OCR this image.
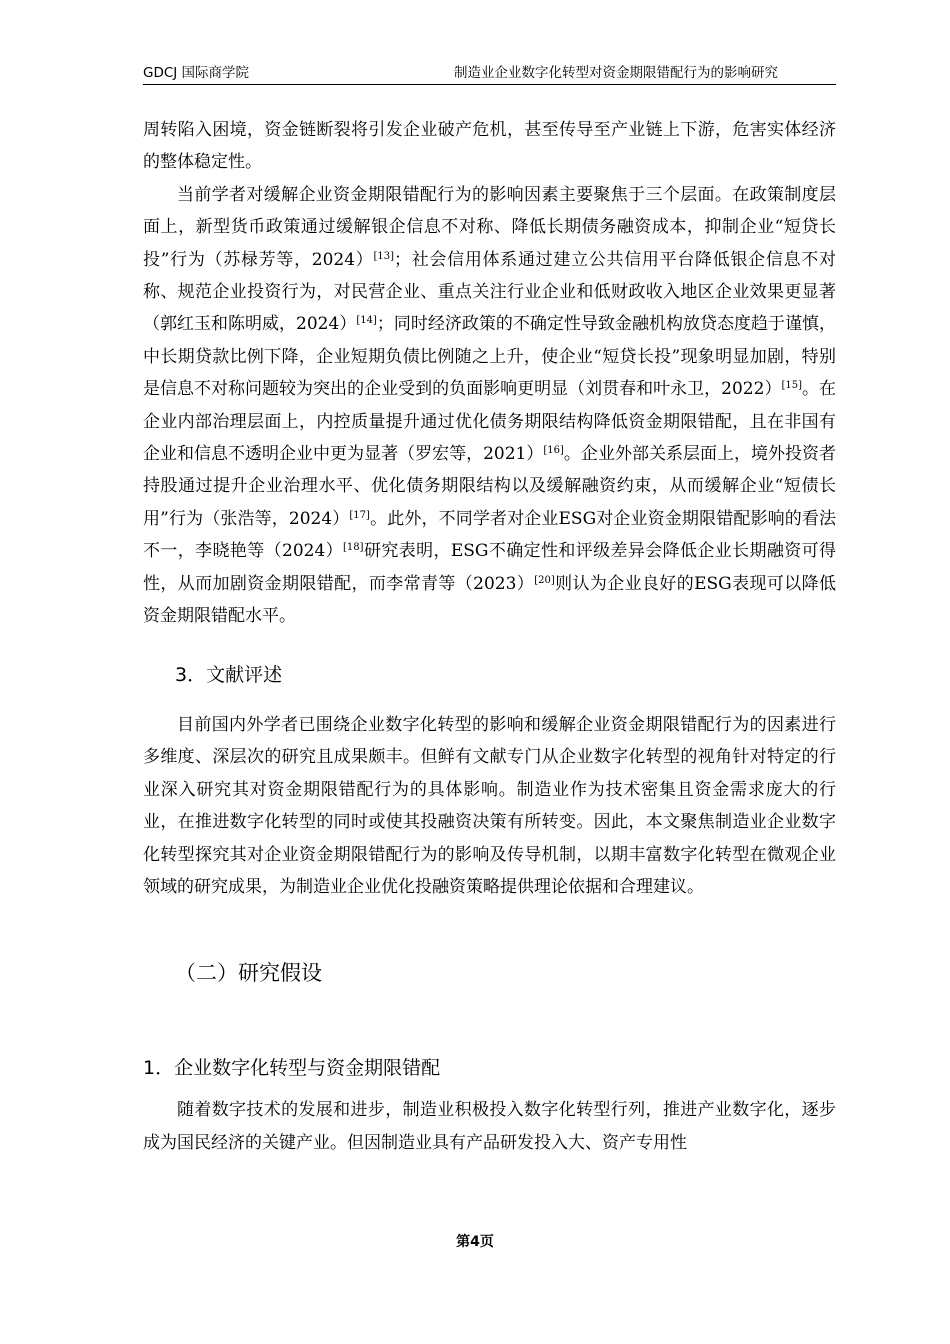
GDCJ 国际商学院	制造业企业数字化转型对资金期限错配行为的影响研究

周转陷入困境，资金链断裂将引发企业破产危机，甚至传导至产业链上下游，危害实体经济的整体稳定性。

当前学者对缓解企业资金期限错配行为的影响因素主要聚焦于三个层面。在政策制度层面上，新型货币政策通过缓解银企信息不对称、降低长期债务融资成本，抑制企业“短贷长投”行为（苏椂芳等，2024）[13]；社会信用体系通过建立公共信用平台降低银企信息不对称、规范企业投资行为，对民营企业、重点关注行业企业和低财政收入地区企业效果更显著（郭红玉和陈明威，2024）[14]；同时经济政策的不确定性导致金融机构放贷态度趋于谨慎，中长期贷款比例下降，企业短期负债比例随之上升，使企业“短贷长投”现象明显加剧，特别是信息不对称问题较为突出的企业受到的负面影响更明显（刘贯春和叶永卫，2022）[15]。在企业内部治理层面上，内控质量提升通过优化债务期限结构降低资金期限错配，且在非国有企业和信息不透明企业中更为显著（罗宏等，2021）[16]。企业外部关系层面上，境外投资者持股通过提升企业治理水平、优化债务期限结构以及缓解融资约束，从而缓解企业“短债长用”行为（张浩等，2024）[17]。此外，不同学者对企业ESG对企业资金期限错配影响的看法不一，李晓艳等（2024）[18]研究表明，ESG不确定性和评级差异会降低企业长期融资可得性，从而加剧资金期限错配，而李常青等（2023）[20]则认为企业良好的ESG表现可以降低资金期限错配水平。

3．文献评述

目前国内外学者已围绕企业数字化转型的影响和缓解企业资金期限错配行为的因素进行多维度、深层次的研究且成果颇丰。但鲜有文献专门从企业数字化转型的视角针对特定的行业深入研究其对资金期限错配行为的具体影响。制造业作为技术密集且资金需求庞大的行业，在推进数字化转型的同时或使其投融资决策有所转变。因此，本文聚焦制造业企业数字化转型探究其对企业资金期限错配行为的影响及传导机制，以期丰富数字化转型在微观企业领域的研究成果，为制造业企业优化投融资策略提供理论依据和合理建议。

（二）研究假设
1．企业数字化转型与资金期限错配

随着数字技术的发展和进步，制造业积极投入数字化转型行列，推进产业数字化，逐步成为国民经济的关键产业。但因制造业具有产品研发投入大、资产专用性

第4页
